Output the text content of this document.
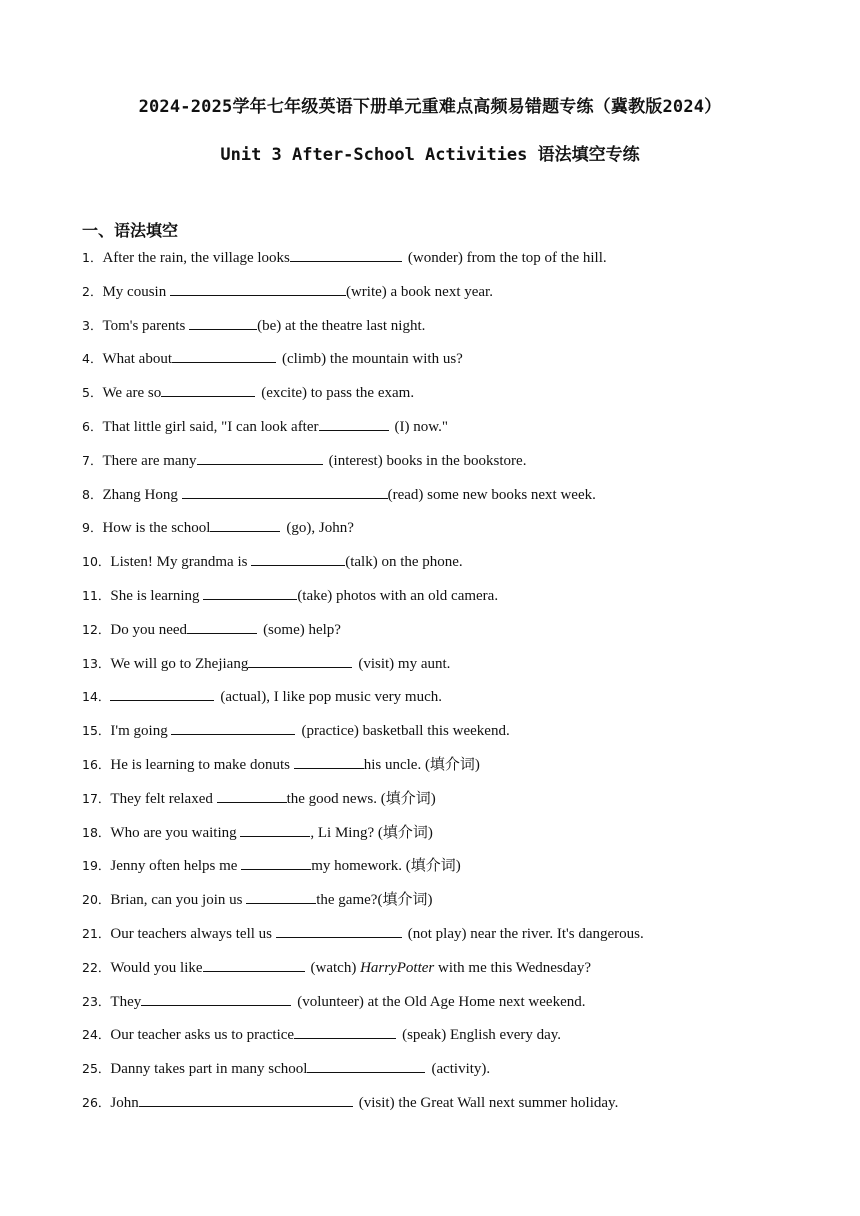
2024-2025学年七年级英语下册单元重难点高频易错题专练（冀教版2024）
Unit 3 After-School Activities 语法填空专练
一、语法填空
1．After the rain, the village looks	(wonder) from the top of the hill.
2．My cousin	(write) a book next year.
3．Tom's parents	(be) at the theatre last night.
4．What about	(climb) the mountain with us?
5．We are so	(excite) to pass the exam.
6．That little girl said, "I can look after	(I) now."
7．There are many	(interest) books in the bookstore.
8．Zhang Hong	(read) some new books next week.
9．How is the school	(go), John?
10．Listen! My grandma is	(talk) on the phone.
11．She is learning	(take) photos with an old camera.
12．Do you need	(some) help?
13．We will go to Zhejiang	(visit) my aunt.
14．	(actual), I like pop music very much.
15．I'm going	(practice) basketball this weekend.
16．He is learning to make donuts	his uncle. (填介词)
17．They felt relaxed	the good news. (填介词)
18．Who are you waiting	, Li Ming? (填介词)
19．Jenny often helps me	my homework. (填介词)
20．Brian, can you join us	the game?(填介词)
21．Our teachers always tell us	(not play) near the river. It's dangerous.
22．Would you like	(watch) HarryPotter with me this Wednesday?
23．They	(volunteer) at the Old Age Home next weekend.
24．Our teacher asks us to practice	(speak) English every day.
25．Danny takes part in many school	(activity).
26．John	(visit) the Great Wall next summer holiday.
